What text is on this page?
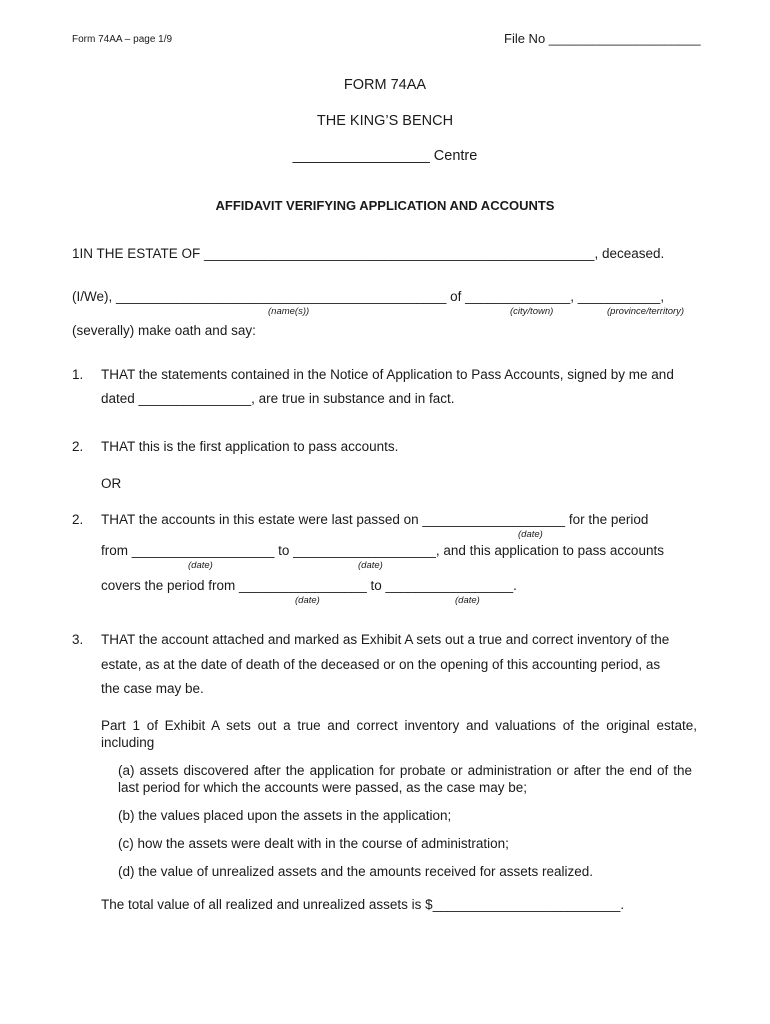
Form 74AA – page 1/9	File No _____________________
FORM 74AA
THE KING’S BENCH
_________________ Centre
AFFIDAVIT VERIFYING APPLICATION AND ACCOUNTS
1IN THE ESTATE OF ____________________________________________________, deceased.
(I/We), ____________________________________________ of ______________, ___________,
(name(s))	(city/town)	(province/territory)
(severally) make oath and say:
1. THAT the statements contained in the Notice of Application to Pass Accounts, signed by me and
dated _______________, are true in substance and in fact.
2. THAT this is the first application to pass accounts.
OR
2. THAT the accounts in this estate were last passed on ___________________ for the period
(date)
from ___________________ to ___________________, and this application to pass accounts
(date)	(date)
covers the period from _________________ to _________________.
(date)	(date)
3. THAT the account attached and marked as Exhibit A sets out a true and correct inventory of the
estate, as at the date of death of the deceased or on the opening of this accounting period, as
the case may be.
Part 1 of Exhibit A sets out a true and correct inventory and valuations of the original estate, including
(a) assets discovered after the application for probate or administration or after the end of the last period for which the accounts were passed, as the case may be;
(b) the values placed upon the assets in the application;
(c) how the assets were dealt with in the course of administration;
(d) the value of unrealized assets and the amounts received for assets realized.
The total value of all realized and unrealized assets is $_________________________.
